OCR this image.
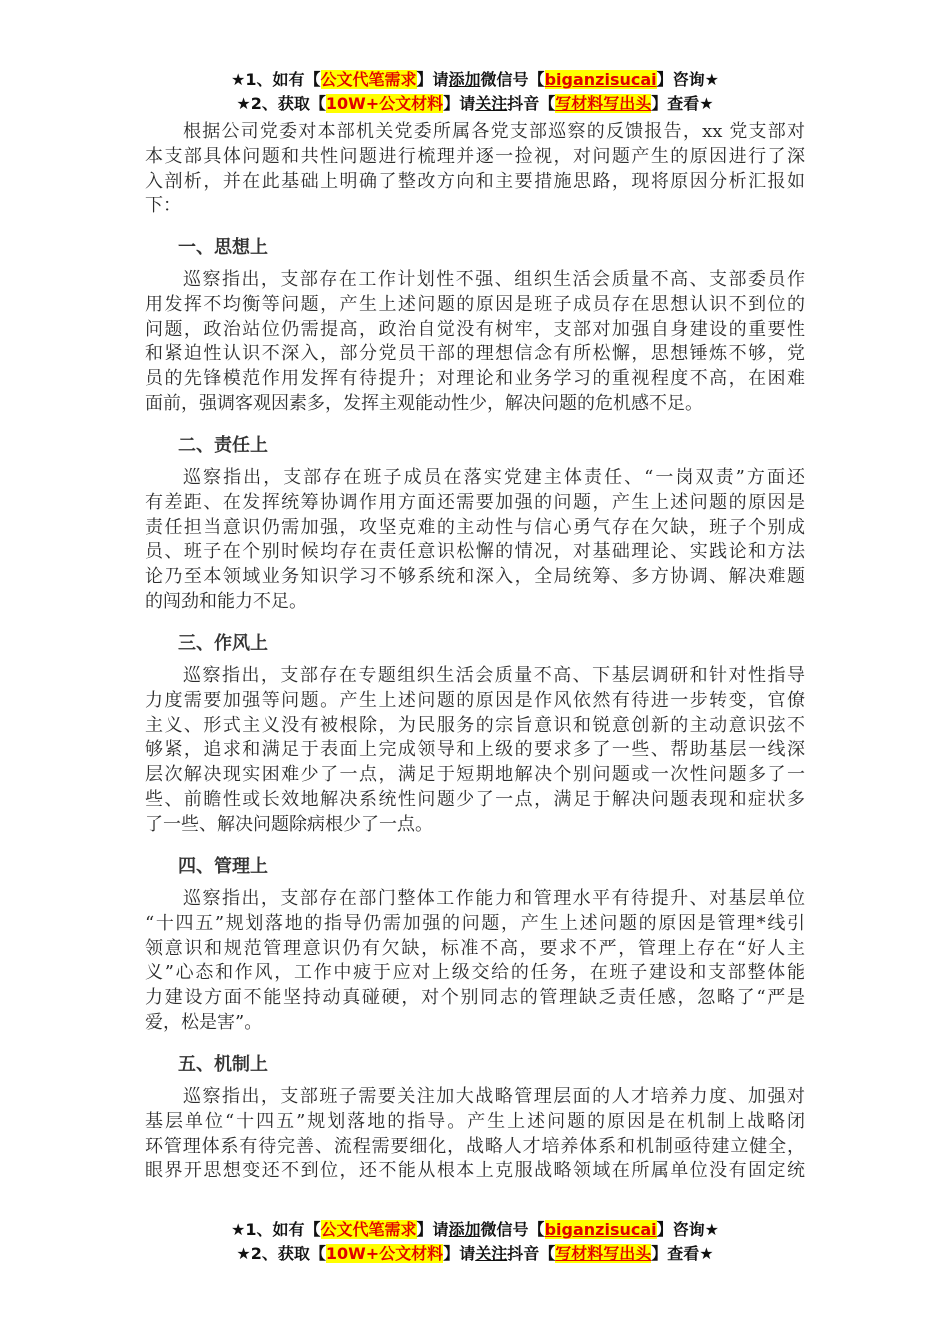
★1、如有【公文代笔需求】请添加微信号【biganzisucai】咨询★
★2、获取【10W+公文材料】请关注抖音【写材料写出头】查看★
根据公司党委对本部机关党委所属各党支部巡察的反馈报告，xx 党支部对
本支部具体问题和共性问题进行梳理并逐一捡视，对问题产生的原因进行了深
入剖析，并在此基础上明确了整改方向和主要措施思路，现将原因分析汇报如
下：
一、思想上
巡察指出，支部存在工作计划性不强、组织生活会质量不高、支部委员作
用发挥不均衡等问题，产生上述问题的原因是班子成员存在思想认识不到位的
问题，政治站位仍需提高，政治自觉没有树牢，支部对加强自身建设的重要性
和紧迫性认识不深入，部分党员干部的理想信念有所松懈，思想锤炼不够，党
员的先锋模范作用发挥有待提升；对理论和业务学习的重视程度不高，在困难
面前，强调客观因素多，发挥主观能动性少，解决问题的危机感不足。
二、责任上
巡察指出，支部存在班子成员在落实党建主体责任、“一岗双责”方面还
有差距、在发挥统筹协调作用方面还需要加强的问题，产生上述问题的原因是
责任担当意识仍需加强，攻坚克难的主动性与信心勇气存在欠缺，班子个别成
员、班子在个别时候均存在责任意识松懈的情况，对基础理论、实践论和方法
论乃至本领域业务知识学习不够系统和深入，全局统筹、多方协调、解决难题
的闯劲和能力不足。
三、作风上
巡察指出，支部存在专题组织生活会质量不高、下基层调研和针对性指导
力度需要加强等问题。产生上述问题的原因是作风依然有待进一步转变，官僚
主义、形式主义没有被根除，为民服务的宗旨意识和锐意创新的主动意识弦不
够紧，追求和满足于表面上完成领导和上级的要求多了一些、帮助基层一线深
层次解决现实困难少了一点，满足于短期地解决个别问题或一次性问题多了一
些、前瞻性或长效地解决系统性问题少了一点，满足于解决问题表现和症状多
了一些、解决问题除病根少了一点。
四、管理上
巡察指出，支部存在部门整体工作能力和管理水平有待提升、对基层单位
“十四五”规划落地的指导仍需加强的问题，产生上述问题的原因是管理*线引
领意识和规范管理意识仍有欠缺，标准不高，要求不严，管理上存在“好人主
义”心态和作风，工作中疲于应对上级交给的任务，在班子建设和支部整体能
力建设方面不能坚持动真碰硬，对个别同志的管理缺乏责任感，忽略了“严是
爱，松是害”。
五、机制上
巡察指出，支部班子需要关注加大战略管理层面的人才培养力度、加强对
基层单位“十四五”规划落地的指导。产生上述问题的原因是在机制上战略闭
环管理体系有待完善、流程需要细化，战略人才培养体系和机制亟待建立健全，
眼界开思想变还不到位，还不能从根本上克服战略领域在所属单位没有固定统
★1、如有【公文代笔需求】请添加微信号【biganzisucai】咨询★
★2、获取【10W+公文材料】请关注抖音【写材料写出头】查看★
